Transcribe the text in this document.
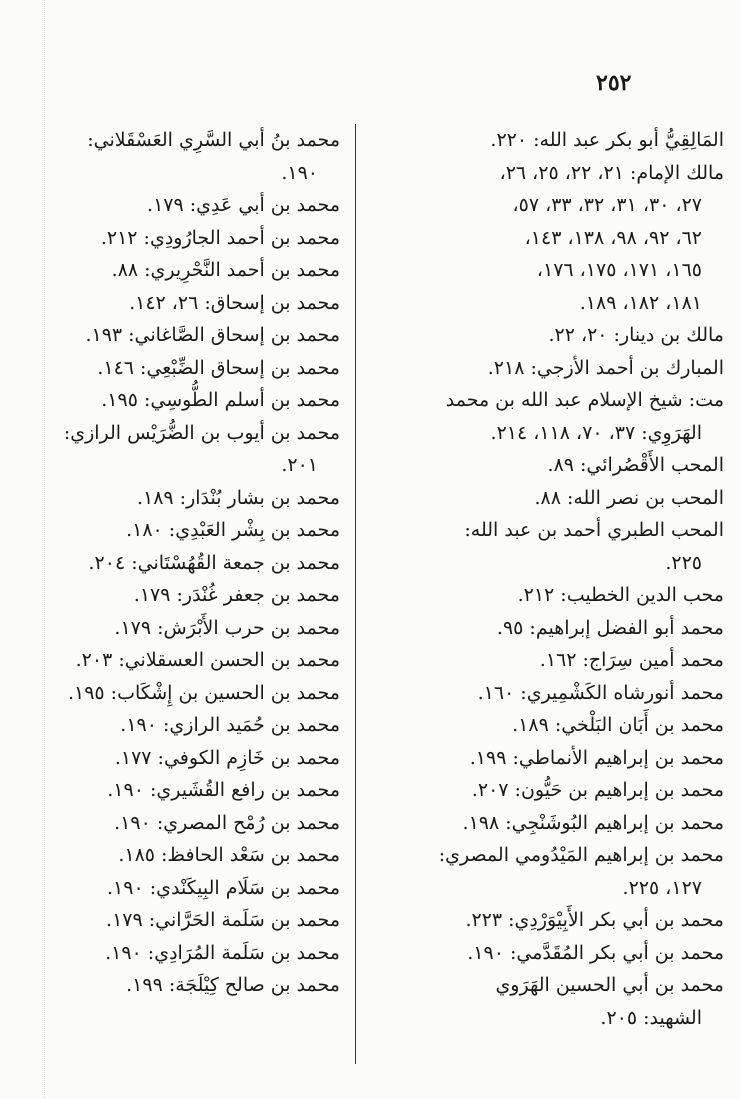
٢٥٢
المَالِقِيُّ أبو بكر عبد الله: ٢٢٠.
مالك الإمام: ٢١، ٢٢، ٢٥، ٢٦،
٢٧، ٣٠، ٣١، ٣٢، ٣٣، ٥٧،
٦٢، ٩٢، ٩٨، ١٣٨، ١٤٣،
١٦٥، ١٧١، ١٧٥، ١٧٦،
١٨١، ١٨٢، ١٨٩.
مالك بن دينار: ٢٠، ٢٢.
المبارك بن أحمد الأزجي: ٢١٨.
مت: شيخ الإسلام عبد الله بن محمد
الهَرَوِي: ٣٧، ٧٠، ١١٨، ٢١٤.
المحب الأَقْصُرائي: ٨٩.
المحب بن نصر الله: ٨٨.
المحب الطبري أحمد بن عبد الله:
٢٢٥.
محب الدين الخطيب: ٢١٢.
محمد أبو الفضل إبراهيم: ٩٥.
محمد أمين سِرَاج: ١٦٢.
محمد أنورشاه الكَشْمِيري: ١٦٠.
محمد بن أَبَان البَلْخي: ١٨٩.
محمد بن إبراهيم الأنماطي: ١٩٩.
محمد بن إبراهيم بن حَيُّون: ٢٠٧.
محمد بن إبراهيم البُوشَنْجِي: ١٩٨.
محمد بن إبراهيم المَيْدُومي المصري:
١٢٧، ٢٢٥.
محمد بن أبي بكر الأَبِيْوَرْدِي: ٢٢٣.
محمد بن أبي بكر المُقَدَّمي: ١٩٠.
محمد بن أبي الحسين الهَرَوي
الشهيد: ٢٠٥.
محمد بنُ أبي السَّرِي العَسْقَلاني:
١٩٠.
محمد بن أبي عَدِي: ١٧٩.
محمد بن أحمد الجارُودِي: ٢١٢.
محمد بن أحمد النَّحْرِيري: ٨٨.
محمد بن إسحاق: ٢٦، ١٤٢.
محمد بن إسحاق الصَّاغاني: ١٩٣.
محمد بن إسحاق الضِّبْعِي: ١٤٦.
محمد بن أسلم الطُّوسِي: ١٩٥.
محمد بن أيوب بن الضُّرَيْس الرازي:
٢٠١.
محمد بن بشار بُنْدَار: ١٨٩.
محمد بن بِشْر العَبْدِي: ١٨٠.
محمد بن جمعة القُهُسْتَاني: ٢٠٤.
محمد بن جعفر غُنْدَر: ١٧٩.
محمد بن حرب الأَبْرَش: ١٧٩.
محمد بن الحسن العسقلاني: ٢٠٣.
محمد بن الحسين بن إِشْكَاب: ١٩٥.
محمد بن حُمَيد الرازي: ١٩٠.
محمد بن خَازِم الكوفي: ١٧٧.
محمد بن رافع القُشَيري: ١٩٠.
محمد بن رُمْح المصري: ١٩٠.
محمد بن سَعْد الحافظ: ١٨٥.
محمد بن سَلَام البِيكَنْدي: ١٩٠.
محمد بن سَلَمة الحَرَّاني: ١٧٩.
محمد بن سَلَمة المُرَادِي: ١٩٠.
محمد بن صالح كِيْلَجَة: ١٩٩.
